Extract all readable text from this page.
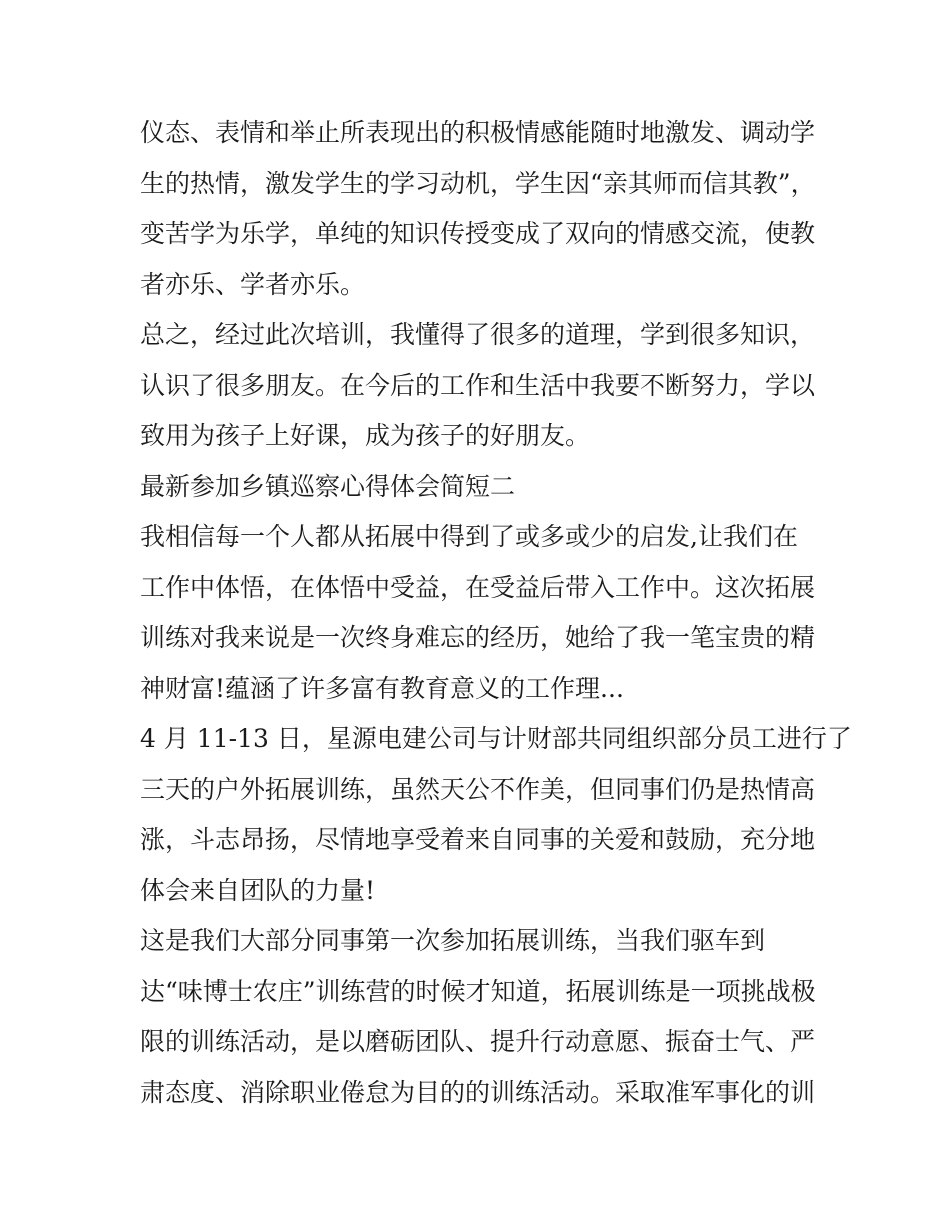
仪态、表情和举止所表现出的积极情感能随时地激发、调动学
生的热情，激发学生的学习动机，学生因“亲其师而信其教”，
变苦学为乐学，单纯的知识传授变成了双向的情感交流，使教
者亦乐、学者亦乐。
总之，经过此次培训，我懂得了很多的道理，学到很多知识，
认识了很多朋友。在今后的工作和生活中我要不断努力，学以
致用为孩子上好课，成为孩子的好朋友。
最新参加乡镇巡察心得体会简短二
我相信每一个人都从拓展中得到了或多或少的启发,让我们在
工作中体悟，在体悟中受益，在受益后带入工作中。这次拓展
训练对我来说是一次终身难忘的经历，她给了我一笔宝贵的精
神财富!蕴涵了许多富有教育意义的工作理...
4 月 11-13 日，星源电建公司与计财部共同组织部分员工进行了
三天的户外拓展训练，虽然天公不作美，但同事们仍是热情高
涨，斗志昂扬，尽情地享受着来自同事的关爱和鼓励，充分地
体会来自团队的力量!
这是我们大部分同事第一次参加拓展训练，当我们驱车到
达“味博士农庄”训练营的时候才知道，拓展训练是一项挑战极
限的训练活动，是以磨砺团队、提升行动意愿、振奋士气、严
肃态度、消除职业倦怠为目的的训练活动。采取准军事化的训
